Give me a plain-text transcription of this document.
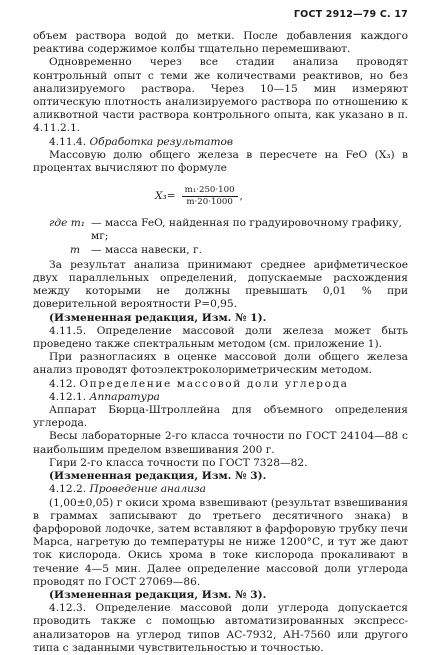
ГОСТ 2912—79 С. 17

объем раствора водой до метки. После добавления каждого реактива содержимое колбы тщательно перемешивают.

Одновременно через все стадии анализа проводят контрольный опыт с теми же количествами реактивов, но без анализируемого раствора. Через 10—15 мин измеряют оптическую плотность анализируемого раствора по отношению к аликвотной части раствора контрольного опыта, как указано в п. 4.11.2.1.

4.11.4. Обработка результатов

Массовую долю общего железа в пересчете на FeO (X₃) в процентах вычисляют по формуле

$X_3= \frac{\text{m₁·250·100}}{m\cdot 20\cdot 1000}$ ,
где m₁ — масса FeO, найденная по градуировочному графику, мг;
m	— масса навески, г.

За результат анализа принимают среднее арифметическое двух параллельных определений, допускаемые расхождения между которыми не должны превышать 0,01 % при доверительной вероятности P=0,95.

(Измененная редакция, Изм. № 1).

4.11.5. Определение массовой доли железа может быть проведено также спектральным методом (см. приложение 1).

При разногласиях в оценке массовой доли общего железа анализ проводят фотоэлектроколориметрическим методом.

4.12. Определение массовой доли углерода

4.12.1. Аппаратура

Аппарат Бюрца-Штроллейна для объемного определения углерода.

Весы лабораторные 2-го класса точности по ГОСТ 24104—88 с наибольшим пределом взвешивания 200 г.

Гири 2-го класса точности по ГОСТ 7328—82.

(Измененная редакция, Изм. № 3).

4.12.2. Проведение анализа

(1,00±0,05) г окиси хрома взвешивают (результат взвешивания в граммах записывают до третьего десятичного знака) в фарфоровой лодочке, затем вставляют в фарфоровую трубку печи Марса, нагретую до температуры не ниже 1200°С, и тут же дают ток кислорода. Окись хрома в токе кислорода прокаливают в течение 4—5 мин. Далее определение массовой доли углерода проводят по ГОСТ 27069—86.

(Измененная редакция, Изм. № 3).

4.12.3. Определение массовой доли углерода допускается проводить также с помощью автоматизированных экспресс-анализаторов на углерод типов АС-7932, АН-7560 или другого типа с заданными чувствительностью и точностью.
